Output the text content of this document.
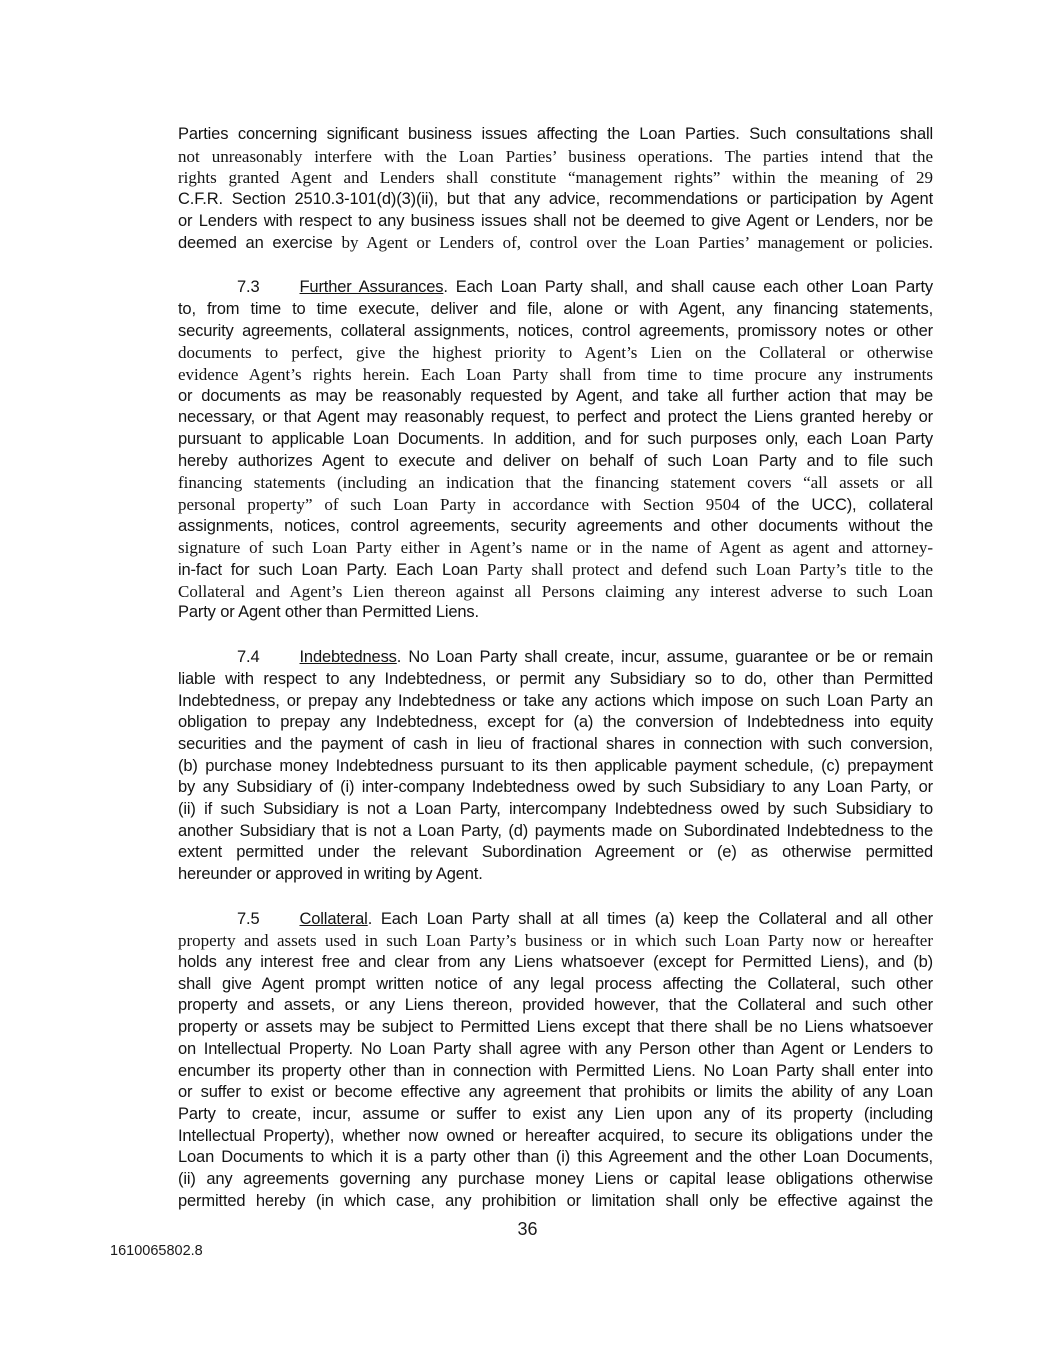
Parties concerning significant business issues affecting the Loan Parties. Such consultations shall
not unreasonably interfere with the Loan Parties’ business operations. The parties intend that the
rights granted Agent and Lenders shall constitute “management rights” within the meaning of 29
C.F.R. Section 2510.3-101(d)(3)(ii), but that any advice, recommendations or participation by Agent
or Lenders with respect to any business issues shall not be deemed to give Agent or Lenders, nor be
deemed an exercise by Agent or Lenders of, control over the Loan Parties’ management or policies.
7.3 Further Assurances. Each Loan Party shall, and shall cause each other Loan Party
to, from time to time execute, deliver and file, alone or with Agent, any financing statements,
security agreements, collateral assignments, notices, control agreements, promissory notes or other
documents to perfect, give the highest priority to Agent’s Lien on the Collateral or otherwise
evidence Agent’s rights herein. Each Loan Party shall from time to time procure any instruments
or documents as may be reasonably requested by Agent, and take all further action that may be
necessary, or that Agent may reasonably request, to perfect and protect the Liens granted hereby or
pursuant to applicable Loan Documents. In addition, and for such purposes only, each Loan Party
hereby authorizes Agent to execute and deliver on behalf of such Loan Party and to file such
financing statements (including an indication that the financing statement covers “all assets or all
personal property” of such Loan Party in accordance with Section 9504 of the UCC), collateral
assignments, notices, control agreements, security agreements and other documents without the
signature of such Loan Party either in Agent’s name or in the name of Agent as agent and attorney-
in-fact for such Loan Party. Each Loan Party shall protect and defend such Loan Party’s title to the
Collateral and Agent’s Lien thereon against all Persons claiming any interest adverse to such Loan
Party or Agent other than Permitted Liens.
7.4 Indebtedness. No Loan Party shall create, incur, assume, guarantee or be or remain
liable with respect to any Indebtedness, or permit any Subsidiary so to do, other than Permitted
Indebtedness, or prepay any Indebtedness or take any actions which impose on such Loan Party an
obligation to prepay any Indebtedness, except for (a) the conversion of Indebtedness into equity
securities and the payment of cash in lieu of fractional shares in connection with such conversion,
(b) purchase money Indebtedness pursuant to its then applicable payment schedule, (c) prepayment
by any Subsidiary of (i) inter-company Indebtedness owed by such Subsidiary to any Loan Party, or
(ii) if such Subsidiary is not a Loan Party, intercompany Indebtedness owed by such Subsidiary to
another Subsidiary that is not a Loan Party, (d) payments made on Subordinated Indebtedness to the
extent permitted under the relevant Subordination Agreement or (e) as otherwise permitted
hereunder or approved in writing by Agent.
7.5 Collateral. Each Loan Party shall at all times (a) keep the Collateral and all other
property and assets used in such Loan Party’s business or in which such Loan Party now or hereafter
holds any interest free and clear from any Liens whatsoever (except for Permitted Liens), and (b)
shall give Agent prompt written notice of any legal process affecting the Collateral, such other
property and assets, or any Liens thereon, provided however, that the Collateral and such other
property or assets may be subject to Permitted Liens except that there shall be no Liens whatsoever
on Intellectual Property. No Loan Party shall agree with any Person other than Agent or Lenders to
encumber its property other than in connection with Permitted Liens. No Loan Party shall enter into
or suffer to exist or become effective any agreement that prohibits or limits the ability of any Loan
Party to create, incur, assume or suffer to exist any Lien upon any of its property (including
Intellectual Property), whether now owned or hereafter acquired, to secure its obligations under the
Loan Documents to which it is a party other than (i) this Agreement and the other Loan Documents,
(ii) any agreements governing any purchase money Liens or capital lease obligations otherwise
permitted hereby (in which case, any prohibition or limitation shall only be effective against the
36
1610065802.8
